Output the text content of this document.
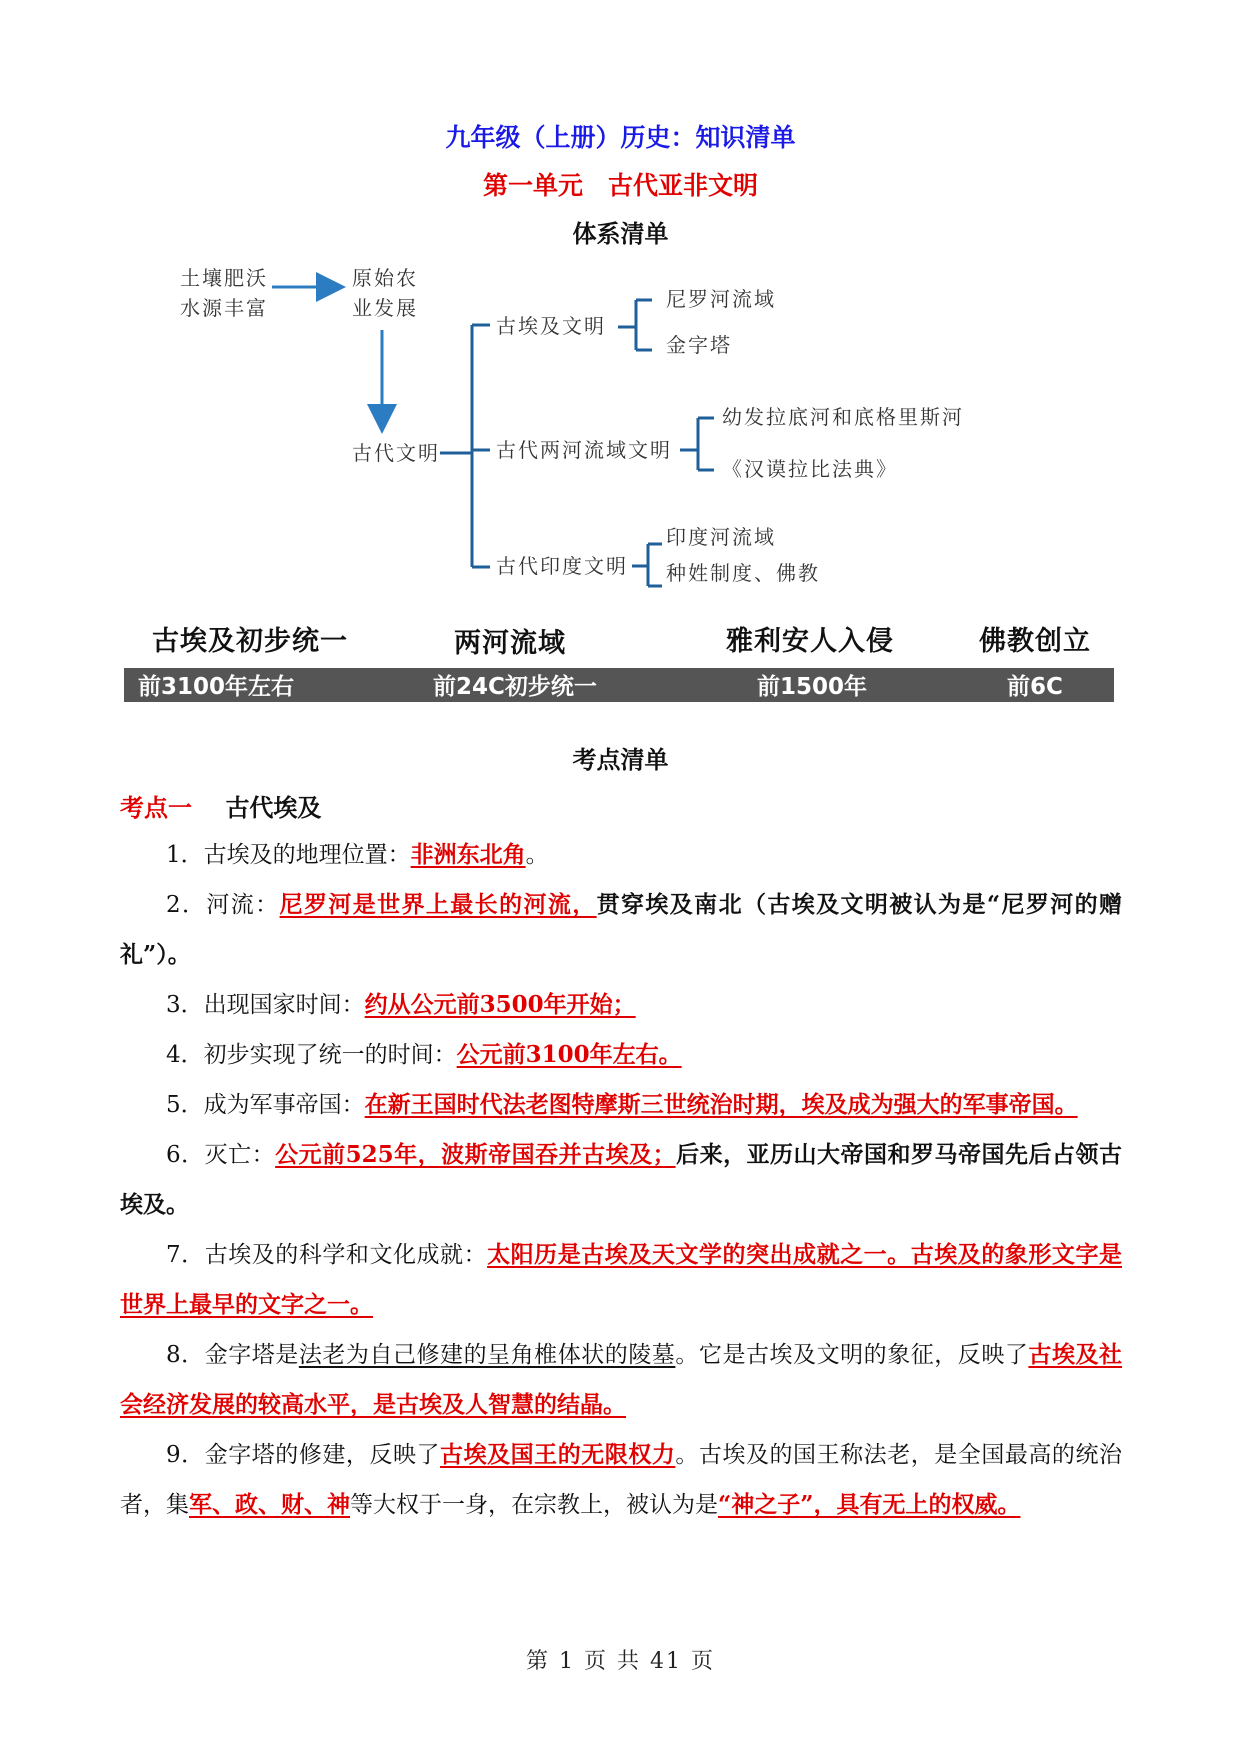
九年级（上册）历史：知识清单
第一单元　古代亚非文明
体系清单
土壤肥沃
水源丰富
原始农
业发展
古代文明
古埃及文明
古代两河流域文明
古代印度文明
尼罗河流域
金字塔
幼发拉底河和底格里斯河
《汉谟拉比法典》
印度河流域
种姓制度、佛教
古埃及初步统一	两河流域	雅利安人入侵	佛教创立
前3100年左右	前24C初步统一	前1500年	前6C
考点清单
考点一 古代埃及

1．古埃及的地理位置：非洲东北角。

2．河流：尼罗河是世界上最长的河流，贯穿埃及南北（古埃及文明被认为是“尼罗河的赠礼”）。

3．出现国家时间：约从公元前3500年开始；

4．初步实现了统一的时间：公元前3100年左右。

5．成为军事帝国：在新王国时代法老图特摩斯三世统治时期，埃及成为强大的军事帝国。

6．灭亡：公元前525年，波斯帝国吞并古埃及；后来，亚历山大帝国和罗马帝国先后占领古埃及。

7．古埃及的科学和文化成就：太阳历是古埃及天文学的突出成就之一。古埃及的象形文字是世界上最早的文字之一。

8．金字塔是法老为自己修建的呈角椎体状的陵墓。它是古埃及文明的象征，反映了古埃及社会经济发展的较高水平，是古埃及人智慧的结晶。

9．金字塔的修建，反映了古埃及国王的无限权力。古埃及的国王称法老，是全国最高的统治者，集军、政、财、神等大权于一身，在宗教上，被认为是“神之子”，具有无上的权威。

第 1 页 共 41 页
